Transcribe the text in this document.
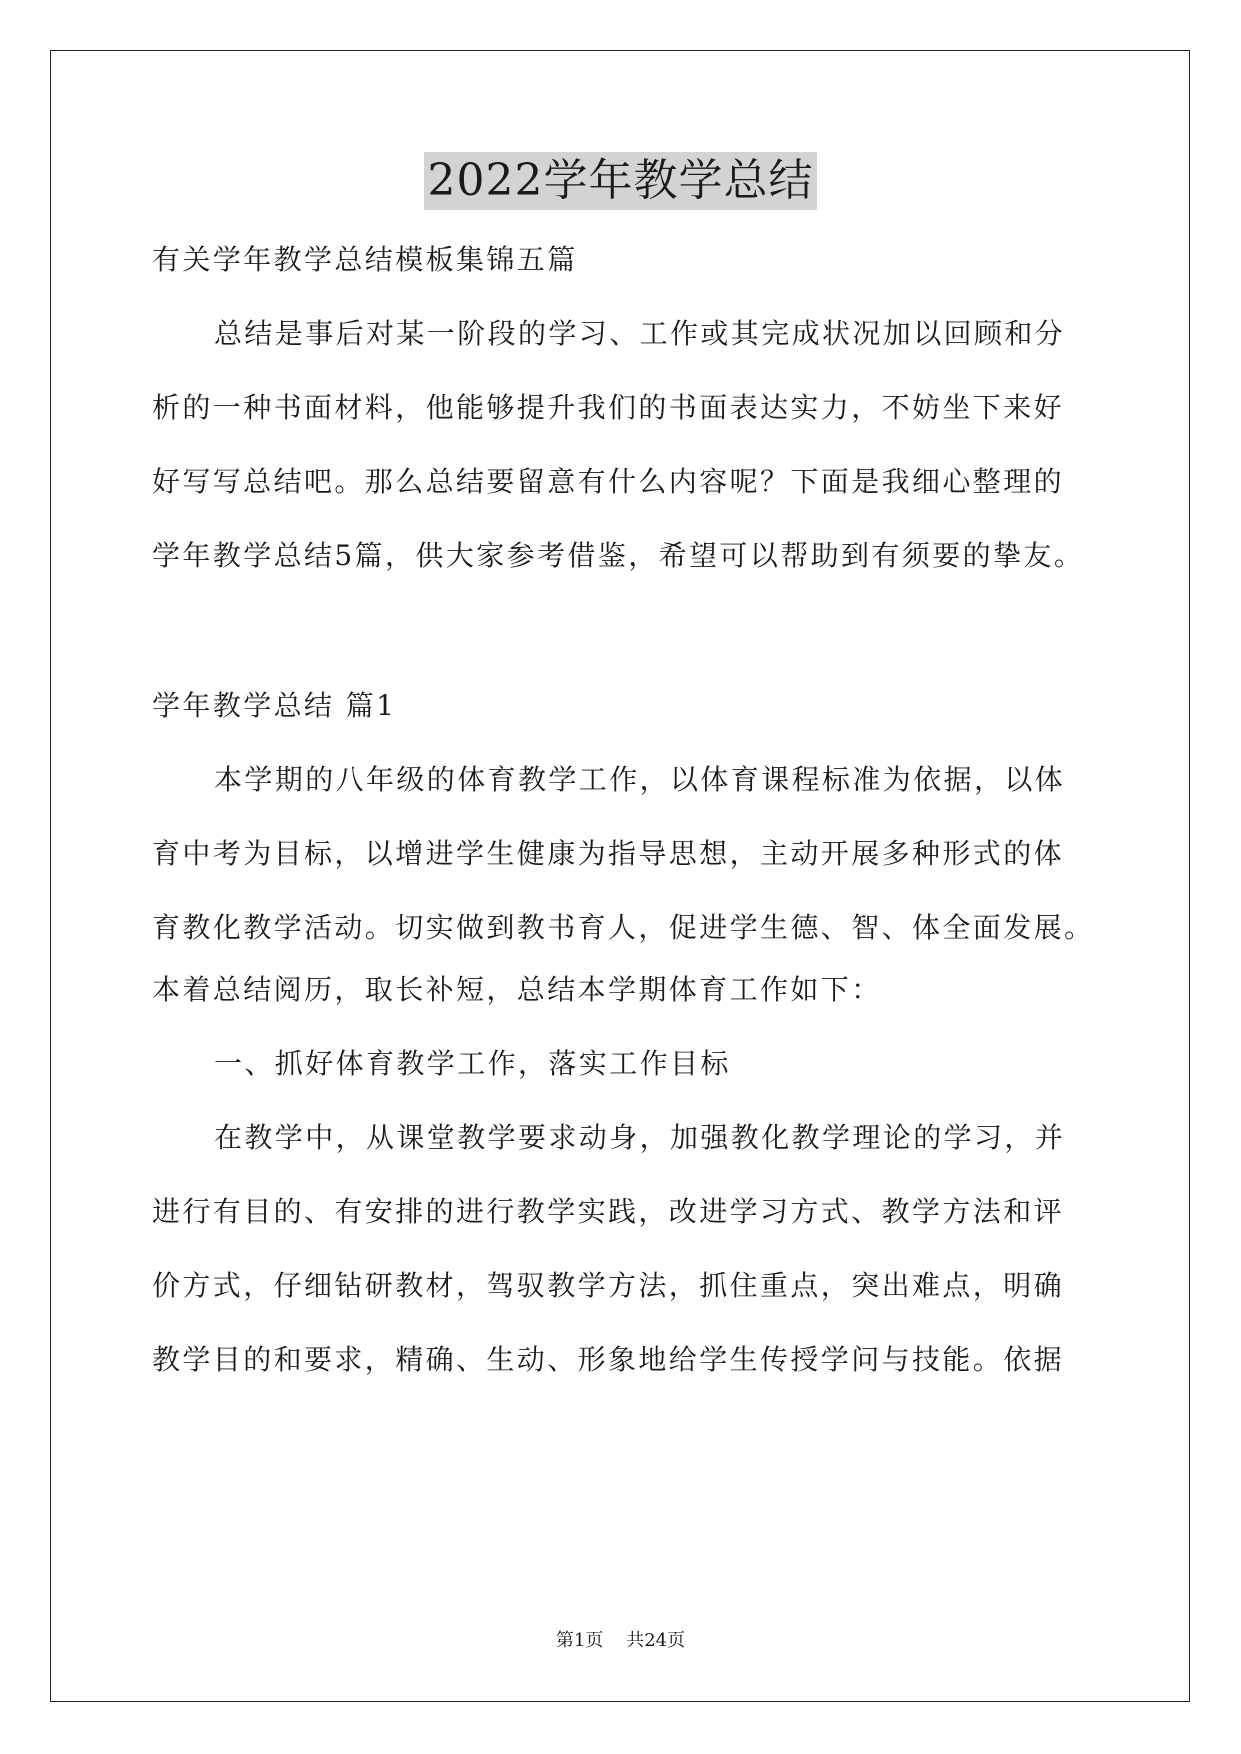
2022学年教学总结
有关学年教学总结模板集锦五篇
总结是事后对某一阶段的学习、工作或其完成状况加以回顾和分
析的一种书面材料，他能够提升我们的书面表达实力，不妨坐下来好
好写写总结吧。那么总结要留意有什么内容呢？下面是我细心整理的
学年教学总结5篇，供大家参考借鉴，希望可以帮助到有须要的挚友。
学年教学总结 篇1
本学期的八年级的体育教学工作，以体育课程标准为依据，以体
育中考为目标，以增进学生健康为指导思想，主动开展多种形式的体
育教化教学活动。切实做到教书育人，促进学生德、智、体全面发展。
本着总结阅历，取长补短，总结本学期体育工作如下：
一、抓好体育教学工作，落实工作目标
在教学中，从课堂教学要求动身，加强教化教学理论的学习，并
进行有目的、有安排的进行教学实践，改进学习方式、教学方法和评
价方式，仔细钻研教材，驾驭教学方法，抓住重点，突出难点，明确
教学目的和要求，精确、生动、形象地给学生传授学问与技能。依据
第1页    共24页
